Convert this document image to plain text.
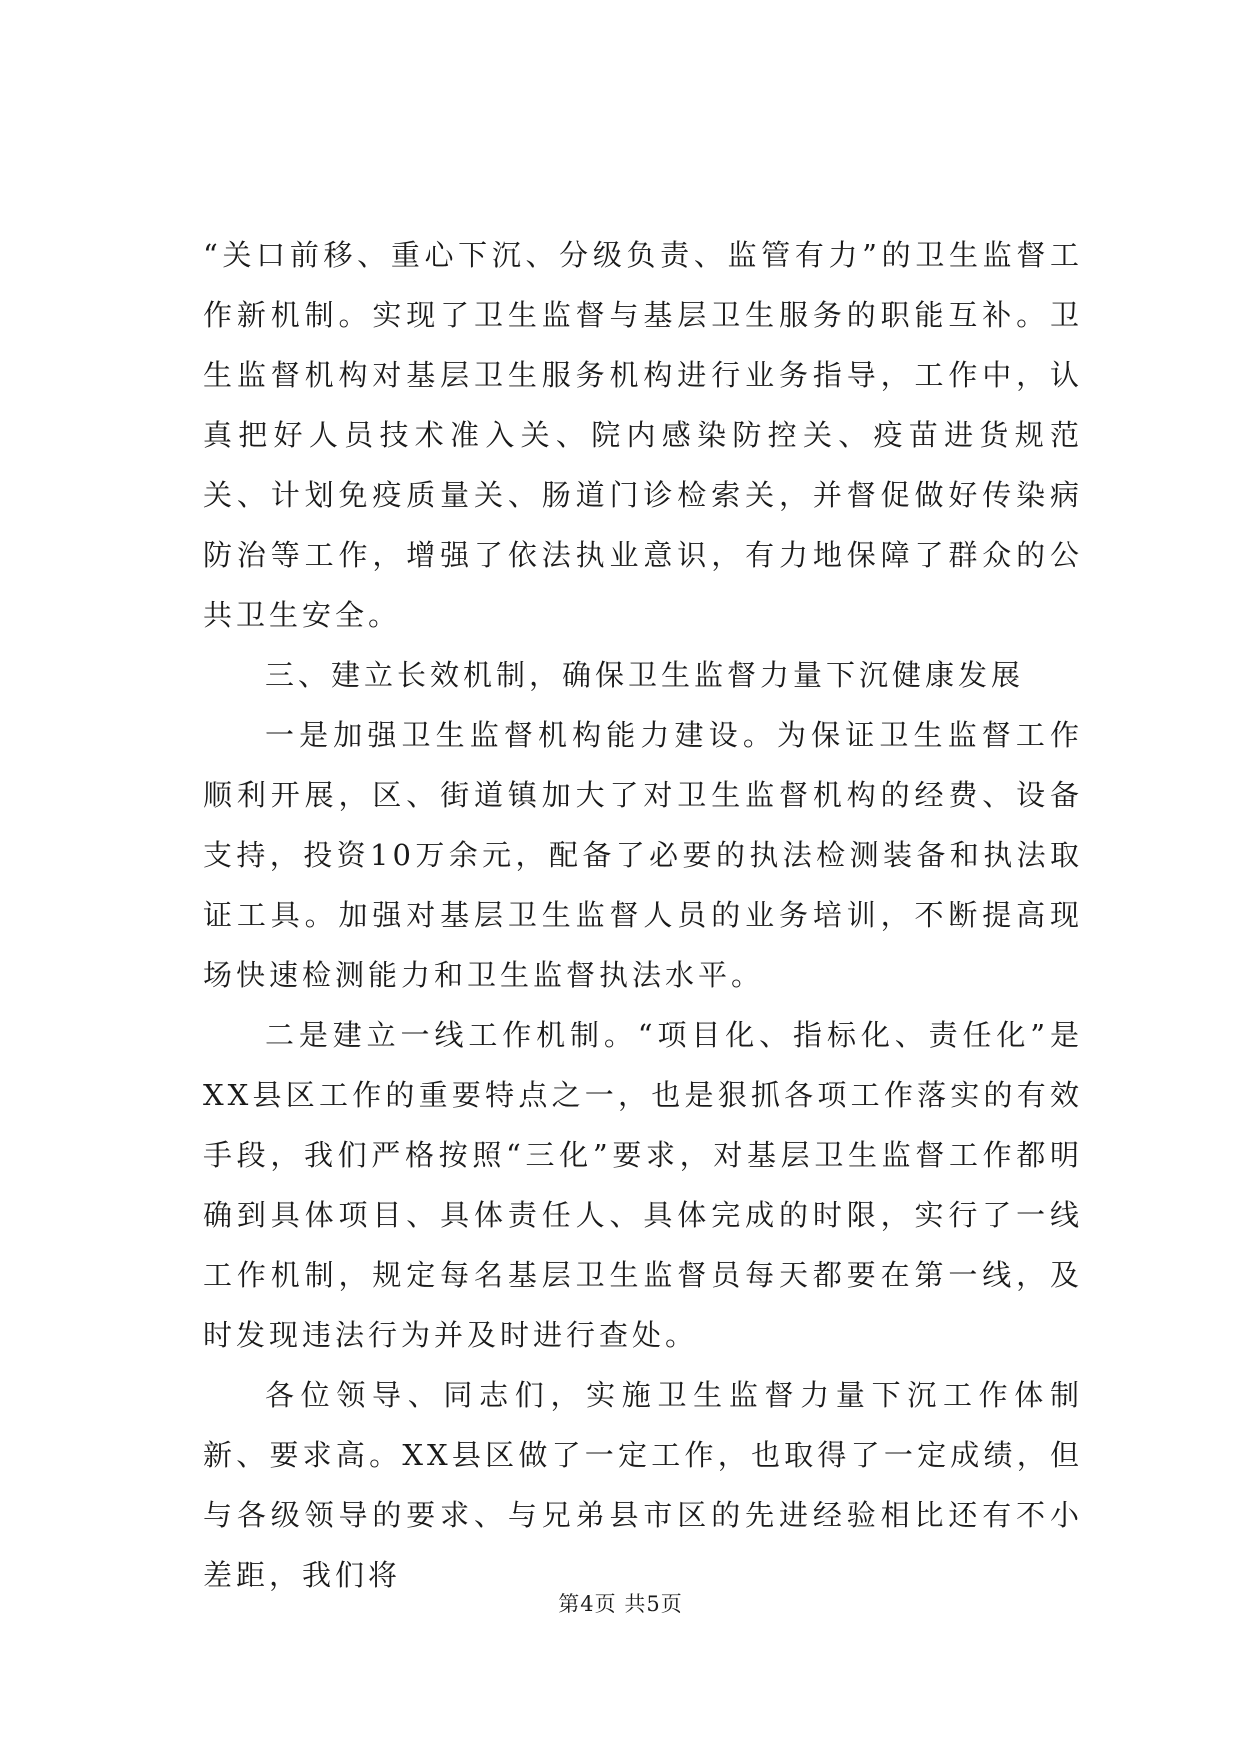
“关口前移、重心下沉、分级负责、监管有力”的卫生监督工作新机制。实现了卫生监督与基层卫生服务的职能互补。卫生监督机构对基层卫生服务机构进行业务指导，工作中，认真把好人员技术准入关、院内感染防控关、疫苗进货规范关、计划免疫质量关、肠道门诊检索关，并督促做好传染病防治等工作，增强了依法执业意识，有力地保障了群众的公共卫生安全。

三、建立长效机制，确保卫生监督力量下沉健康发展

一是加强卫生监督机构能力建设。为保证卫生监督工作顺利开展，区、街道镇加大了对卫生监督机构的经费、设备支持，投资10万余元，配备了必要的执法检测装备和执法取证工具。加强对基层卫生监督人员的业务培训，不断提高现场快速检测能力和卫生监督执法水平。

二是建立一线工作机制。“项目化、指标化、责任化”是XX县区工作的重要特点之一，也是狠抓各项工作落实的有效手段，我们严格按照“三化”要求，对基层卫生监督工作都明确到具体项目、具体责任人、具体完成的时限，实行了一线工作机制，规定每名基层卫生监督员每天都要在第一线，及时发现违法行为并及时进行查处。

各位领导、同志们，实施卫生监督力量下沉工作体制新、要求高。XX县区做了一定工作，也取得了一定成绩，但与各级领导的要求、与兄弟县市区的先进经验相比还有不小差距，我们将

第4页 共5页
